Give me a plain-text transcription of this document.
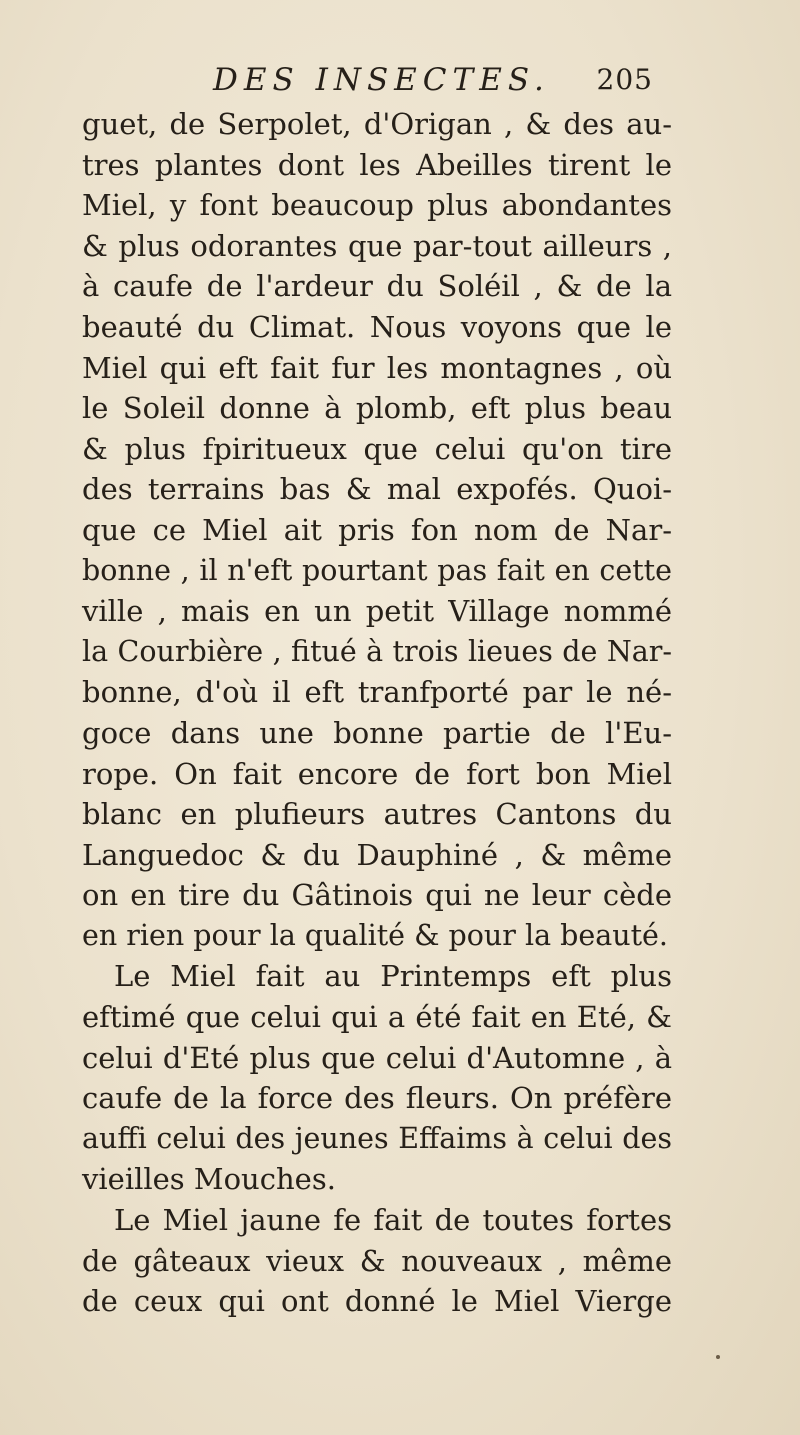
DES INSECTES. 205
guet, de Serpolet, d'Origan , & des au-
tres plantes dont les Abeilles tirent le
Miel, y font beaucoup plus abondantes
& plus odorantes que par-tout ailleurs ,
à caufe de l'ardeur du Soléil , & de la
beauté du Climat. Nous voyons que le
Miel qui eft fait fur les montagnes , où
le Soleil donne à plomb, eft plus beau
& plus fpiritueux que celui qu'on tire
des terrains bas & mal expofés. Quoi-
que ce Miel ait pris fon nom de Nar-
bonne , il n'eft pourtant pas fait en cette
ville , mais en un petit Village nommé
la Courbière , fitué à trois lieues de Nar-
bonne, d'où il eft tranfporté par le né-
goce dans une bonne partie de l'Eu-
rope. On fait encore de fort bon Miel
blanc en plufieurs autres Cantons du
Languedoc & du Dauphiné , & même
on en tire du Gâtinois qui ne leur cède
en rien pour la qualité & pour la beauté.
Le Miel fait au Printemps eft plus
eftimé que celui qui a été fait en Eté, &
celui d'Eté plus que celui d'Automne , à
caufe de la force des fleurs. On préfère
auffi celui des jeunes Effaims à celui des
vieilles Mouches.
Le Miel jaune fe fait de toutes fortes
de gâteaux vieux & nouveaux , même
de ceux qui ont donné le Miel Vierge
